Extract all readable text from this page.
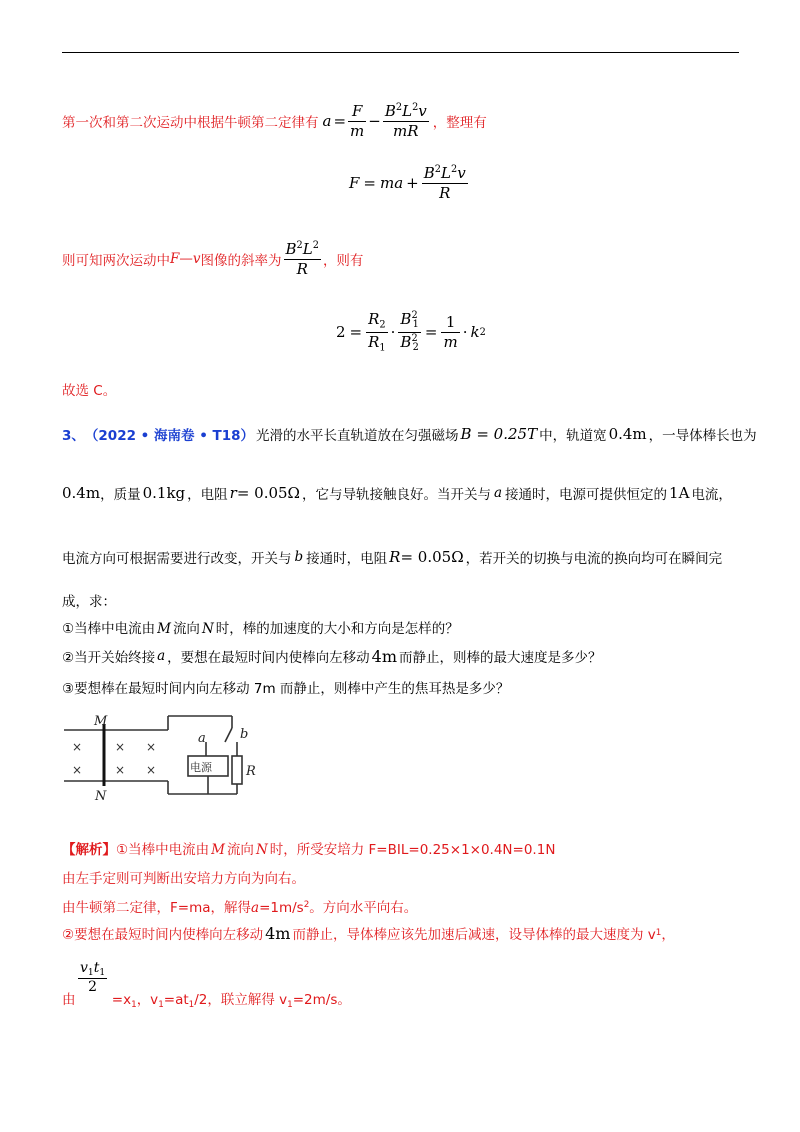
第一次和第二次运动中根据牛顿第二定律有 $a = \frac{F}{m} - \frac{B^2L^2v}{mR}$ ，整理有
F = ma + $\frac{B^2L^2v}{R}$
则可知两次运动中 F—v 图像的斜率为 $\frac{B^2L^2}{R}$ ，则有
$2 = \frac{R_2}{R_1} \cdot \frac{B^2_1}{B^2_2} = \frac{1}{m} \cdot k$ 2
故选 C。
3、 （2022 • 海南卷 • T18） 光滑的水平长直轨道放在匀强磁场 B = 0.25T 中，轨道宽 0.4m ，一导体棒长也为
0.4m ，质量 0.1kg ，电阻 r= 0.05Ω ，它与导轨接触良好。当开关与 a 接通时，电源可提供恒定的 1A 电流，
电流方向可根据需要进行改变，开关与 b 接通时，电阻 R= 0.05Ω ，若开关的切换与电流的换向均可在瞬间完
成，求：
①当棒中电流由 M 流向 N 时，棒的加速度的大小和方向是怎样的？
②当开关始终接 a ，要想在最短时间内使棒向左移动 4m 而静止，则棒的最大速度是多少？
③要想棒在最短时间内向左移动 7m 而静止，则棒中产生的焦耳热是多少？
×	× ×
×	× ×	电源
M
N
a	b
R
【解析】①当棒中电流由 M 流向 N 时，所受安培力 F=BIL=0.25×1×0.4N=0.1N
由左手定则可判断出安培力方向为向右。
由牛顿第二定律，F=ma，解得$a=1m/s^2$。方向水平向右。
②要想在最短时间内使棒向左移动 4m 而静止，导体棒应该先加速后减速，设导体棒的最大速度为 v 1 ，
$v_1t_1$
2
由	$=x_1$，$v_1=at_1/2$，联立解得 $v_1=2m/s$。
